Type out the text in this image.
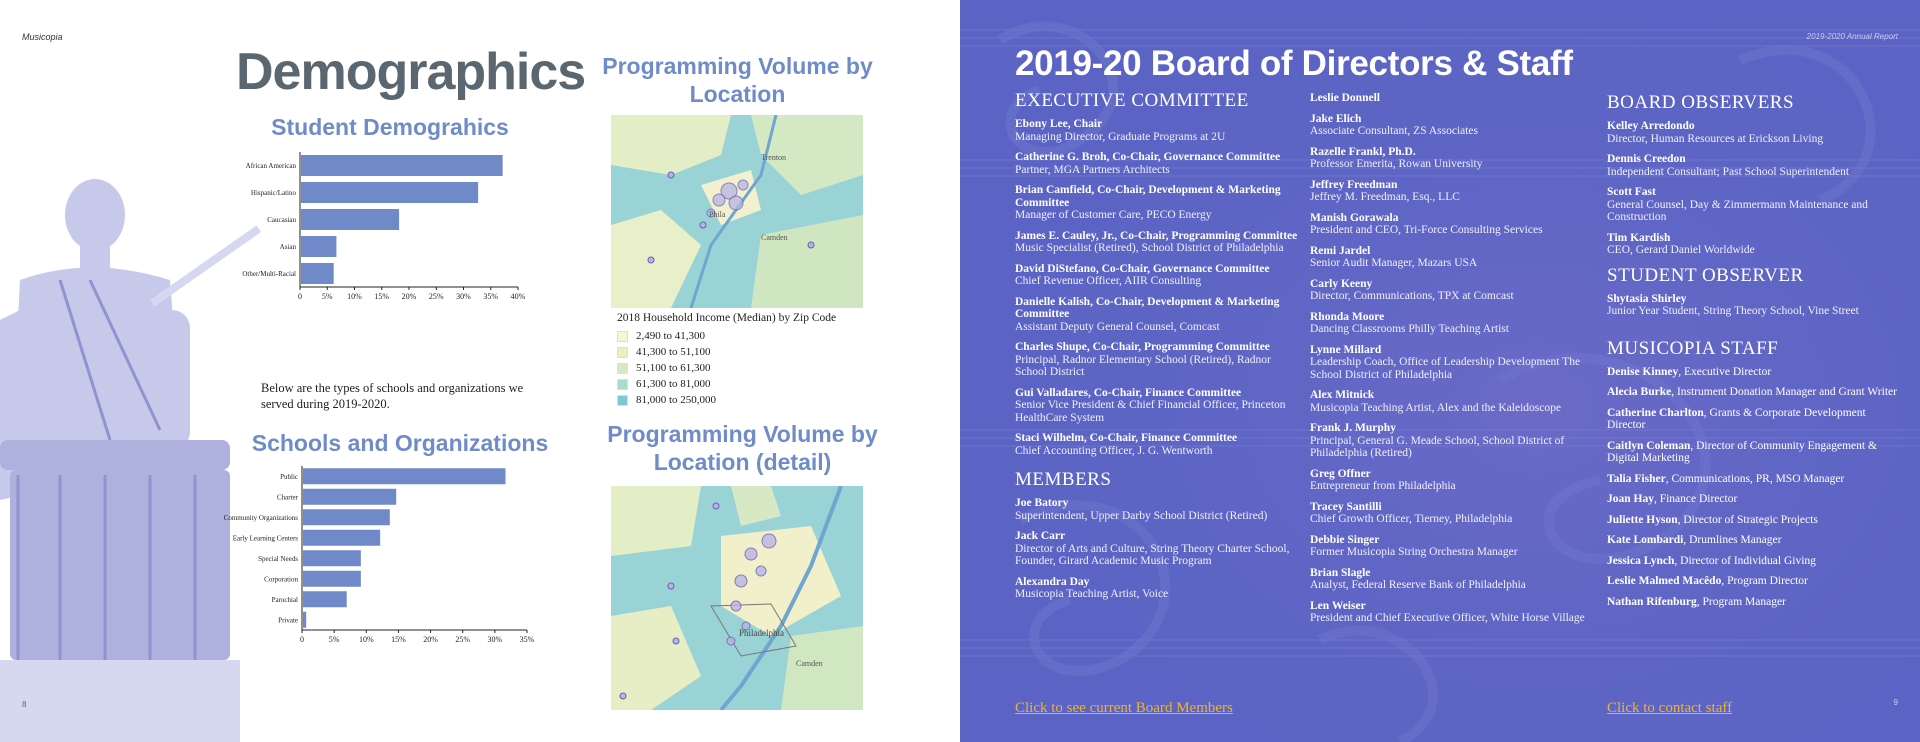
Musicopia
Demographics
Student Demograhics
African American
Hispanic/Latino
Caucasian
Asian
Other/Multi-Racial
0 5% 10% 15% 20% 25% 30% 35% 40%
Below are the types of schools and organizations we served during 2019-2020.
Schools and Organizations
Public
Charter
Community Organizations
Early Learning Centers
Special Needs
Corporation
Parochial
Private
0	5% 10% 15% 20% 25% 30% 35%
Programming Volume by Location
Trenton
Phila
Camden
2018 Household Income (Median) by Zip Code
2,490 to 41,300
41,300 to 51,100
51,100 to 61,300
61,300 to 81,000
81,000 to 250,000
Programming Volume by Location (detail)
Philadelphia
Camden
8
2019-2020 Annual Report
2019-20 Board of Directors & Staff
EXECUTIVE COMMITTEE
Ebony Lee, Chair
Managing Director, Graduate Programs at 2U
Catherine G. Broh, Co-Chair, Governance Committee
Partner, MGA Partners Architects
Brian Camfield, Co-Chair, Development & Marketing Committee
Manager of Customer Care, PECO Energy
James E. Cauley, Jr., Co-Chair, Programming Committee
Music Specialist (Retired), School District of Philadelphia
David DiStefano, Co-Chair, Governance Committee
Chief Revenue Officer, AIIR Consulting
Danielle Kalish, Co-Chair, Development & Marketing Committee
Assistant Deputy General Counsel, Comcast
Charles Shupe, Co-Chair, Programming Committee
Principal, Radnor Elementary School (Retired), Radnor School District
Gui Valladares, Co-Chair, Finance Committee
Senior Vice President & Chief Financial Officer, Princeton HealthCare System
Staci Wilhelm, Co-Chair, Finance Committee
Chief Accounting Officer, J. G. Wentworth
MEMBERS
Joe Batory
Superintendent, Upper Darby School District (Retired)
Jack Carr
Director of Arts and Culture, String Theory Charter School, Founder, Girard Academic Music Program
Alexandra Day
Musicopia Teaching Artist, Voice
Leslie Donnell
Jake Elich
Associate Consultant, ZS Associates
Razelle Frankl, Ph.D.
Professor Emerita, Rowan University
Jeffrey Freedman
Jeffrey M. Freedman, Esq., LLC
Manish Gorawala
President and CEO, Tri-Force Consulting Services
Remi Jardel
Senior Audit Manager, Mazars USA
Carly Keeny
Director, Communications, TPX at Comcast
Rhonda Moore
Dancing Classrooms Philly Teaching Artist
Lynne Millard
Leadership Coach, Office of Leadership Development The School District of Philadelphia
Alex Mitnick
Musicopia Teaching Artist, Alex and the Kaleidoscope
Frank J. Murphy
Principal, General G. Meade School, School District of Philadelphia (Retired)
Greg Offner
Entrepreneur from Philadelphia
Tracey Santilli
Chief Growth Officer, Tierney, Philadelphia
Debbie Singer
Former Musicopia String Orchestra Manager
Brian Slagle
Analyst, Federal Reserve Bank of Philadelphia
Len Weiser
President and Chief Executive Officer, White Horse Village
BOARD OBSERVERS
Kelley Arredondo
Director, Human Resources at Erickson Living
Dennis Creedon
Independent Consultant; Past School Superintendent
Scott Fast
General Counsel, Day & Zimmermann Maintenance and Construction
Tim Kardish
CEO, Gerard Daniel Worldwide
STUDENT OBSERVER
Shytasia Shirley
Junior Year Student, String Theory School, Vine Street
MUSICOPIA STAFF
Denise Kinney, Executive Director
Alecia Burke, Instrument Donation Manager and Grant Writer
Catherine Charlton, Grants & Corporate Development Director
Caitlyn Coleman, Director of Community Engagement & Digital Marketing
Talia Fisher, Communications, PR, MSO Manager
Joan Hay, Finance Director
Juliette Hyson, Director of Strategic Projects
Kate Lombardi, Drumlines Manager
Jessica Lynch, Director of Individual Giving
Leslie Malmed Macêdo, Program Director
Nathan Rifenburg, Program Manager
Click to see current Board Members	Click to contact staff	9
